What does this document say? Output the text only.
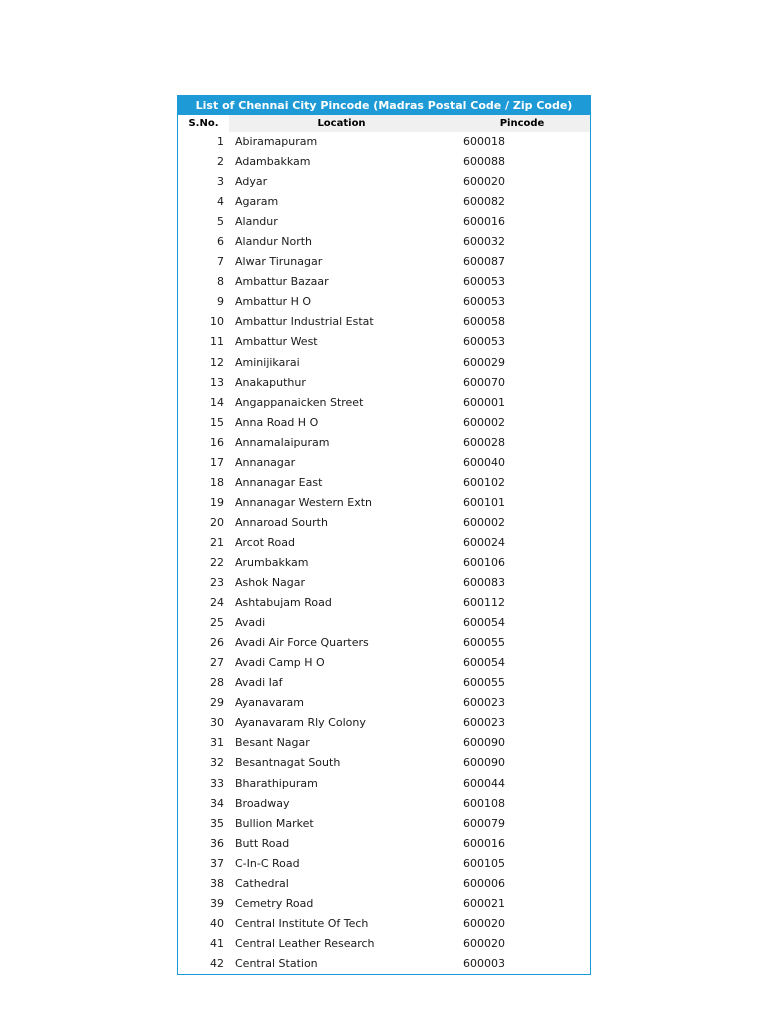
List of Chennai City Pincode (Madras Postal Code / Zip Code)
S.No.	Location	Pincode
1	Abiramapuram	600018
2	Adambakkam	600088
3	Adyar	600020
4	Agaram	600082
5	Alandur	600016
6	Alandur North	600032
7	Alwar Tirunagar	600087
8	Ambattur Bazaar	600053
9	Ambattur H O	600053
10	Ambattur Industrial Estat	600058
11	Ambattur West	600053
12	Aminijikarai	600029
13	Anakaputhur	600070
14	Angappanaicken Street	600001
15	Anna Road H O	600002
16	Annamalaipuram	600028
17	Annanagar	600040
18	Annanagar East	600102
19	Annanagar Western Extn	600101
20	Annaroad Sourth	600002
21	Arcot Road	600024
22	Arumbakkam	600106
23	Ashok Nagar	600083
24	Ashtabujam Road	600112
25	Avadi	600054
26	Avadi Air Force Quarters	600055
27	Avadi Camp H O	600054
28	Avadi Iaf	600055
29	Ayanavaram	600023
30	Ayanavaram Rly Colony	600023
31	Besant Nagar	600090
32	Besantnagat South	600090
33	Bharathipuram	600044
34	Broadway	600108
35	Bullion Market	600079
36	Butt Road	600016
37	C-In-C Road	600105
38	Cathedral	600006
39	Cemetry Road	600021
40	Central Institute Of Tech	600020
41	Central Leather Research	600020
42	Central Station	600003
